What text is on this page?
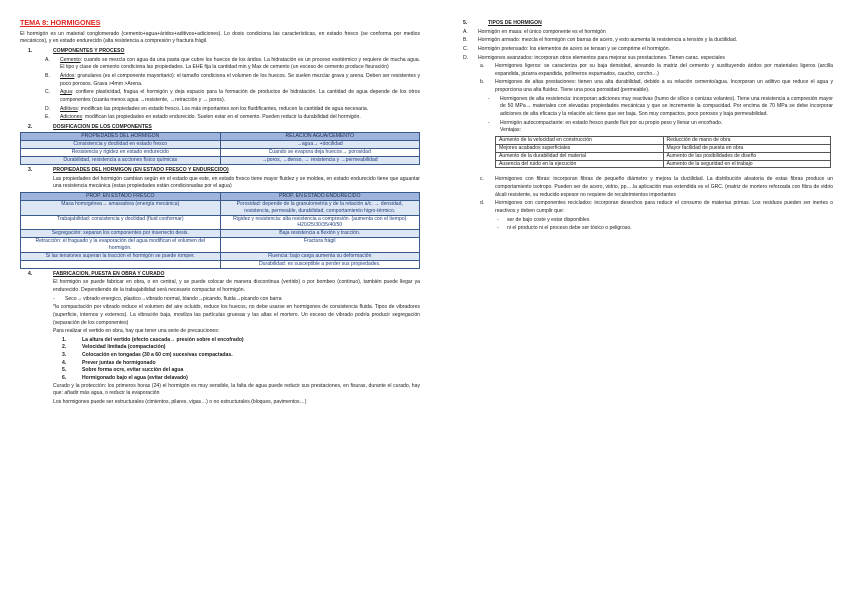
TEMA 8: HORMIGONES

El hormigón es un material conglomerado (cemento+agua+áridos+aditivos+adiciones). Lo dosis condiciona las características, en estado fresco (se conforma por medios mecánicos), y en estado endurecido (alta resistencia a compresión y fractura frágil.

1.	COMPONENTES Y PROCESO
A.	Cemento: cuando se mezcla con agua da una pasta que cubre los huecos de los áridos. La hidratación es un proceso exotérmico y requiere de mucha agua. El tipo y clase de cemento condiciona las propiedades. La EHE fija la cantidad min y Max de cemento (un exceso de cemento produce fisuración)
B.	Áridos: granulares (es el componente mayoritario): el tamaño condiciona el volumen de los huecos. Se suelen mezclar grava y arena. Deben ser resistentes y poco porosos. Grava >4mm >Arena.
C.	Agua: confiere plasticidad, fragua el hormigón y deja espacio para la formación de productos de hidratación. La cantidad de agua depende de los otros componentes (cuanta menos agua →resistente, →retracción y → poros).
D.	Aditivos: modifican las propiedades en estado fresco. Los más importantes son los fluidificantes, reducen la cantidad de agua necesaria.
E.	Adiciones: modifican las propiedades en estado endurecido. Suelen estar en el cemento. Pueden reducir la durabilidad del hormigón.
2.	DOSIFICACION DE LOS COMPONENTES
PROPIEDADES DEL HORMIGON	RELACION AGUA/CEMENTO
Consistencia y docilidad en estado fresco	→agua→ +docilidad
Resistencia y rigidez en estado endurecido	Cuando se evapora deja huecos→ porosidad
Durabilidad, resistencia a acciones físico químicas	→poros, →denso, → resistencia y →permeabilidad
3.	PROPIEDADES DEL HORMIGON (EN ESTADO FRESCO Y ENDURECIDO)

Las propiedades del hormigón cambian según en el estado que este, en estado fresco tiene mayor fluidez y se moldea, en estado endurecido tiene que aguantar una resistencia mecánica (estas propiedades están condicionadas por el agua)

PROP. EN ESTADO FRESCO	PROP. EN ESTADO ENDURECIDO
Masa homogénea→ amasadora (energía mecánica)	Porosidad: depende de la granulometría y de la relación a/c. → densidad, resistencia, permeable, durabilidad, comportamiento higro-térmico.
Trabajabilidad: consistencia y docilidad (fluid conformar)	Rigidez y resistencia: alta resistencia a compresión. (aumenta con el tiempo) H20/25/30/35/40/50
Segregación: separan los componentes por inserrecto desis.	Baja resistencia a flexión y tracción.
Retracción: el fraguado y la evaporación del agua modifican el volumen del hormigón.	Fractura frágil
Si las tensiones superan la tracción el hormigón se puede romper.	Fluencia: bajo carga aumenta su deformación
	Durabilidad: es susceptible a perder sus propiedades.
4.	FABRICACION, PUESTA EN OBRA Y CURADO

El hormigón se puede fabricar en obra, o en central, y se puede colocar de manera discontinua (vertido) o por bombeo (continuo), también puede llegar ya endurecido. Dependiendo de la trabajabilidad será necesario compactar el hormigón.

-	Seco→ vibrado energico, plastico→vibrado normal, blando→picando, fluida→picando con barra

*la compactación por vibrado reduce el volumen del aire ocluido, reduce los huecos, no debe usarse en hormigones de consistencia fluida. Tipos de vibradores (superficie, internos y externos). La vibración baja, moviliza las partículas gruesas y las altas el mortero. Un exceso de vibrado podría producir segregación (separación de los componentes)

Para realizar el vertido en obra, hay que tener una serie de precauciones:

1.	La altura del vertido (efecto cascada→ presión sobre el encofrado)
2.	Velocidad limitada (compactación)
3.	Colocación en tongadas (30 a 60 cm) sucesivas compactadas.
4.	Prever juntas de hormigonado
5.	Sobre forma ocre, evitar succión del agua
6.	Hormigonado bajo el agua (evitar delavado)

Curado y la protección: los primeros horas (24) el hormigón es muy sensible, la falta de agua puede reducir sus prestaciones, en fisuras, durante el curado, hay que: añadir más agua, o reducir la evaporación

Los hormigones puede ser estructurales (cimientos, pilares, vigas…) o no estructurales (bloques, pavimentos…)

5.	TIPOS DE HORMIGON
A.	Hormigón en masa: el único componente es el hormigón
B.	Hormigón armado: mezcla el hormigón con barras de acero, y esto aumenta la resistencia a tensión y la ductilidad.
C.	Hormigón pretensado: los elementos de acero se tensan y se comprime el hormigón.
D.	Hormigones avanzados: incorporan otros elementos para mejorar sus prestaciones. Tienen carac. especiales
a.	Hormigones ligeros: se caracteriza por su baja densidad, aireando la matriz del cemento y sustituyendo áridos por materiales ligeros (arcilla expandida, pizarra expandida, polímeros espumados, caucho, corcho…)
b.	Hormigones de altas prestaciones: tienen una alta durabilidad, debido a su relación cemento/agua. Incorporan un aditivo que reduce el agua y proporciona una alta fluidez. Tiene una poca porosidad (permeable).
-	Hormigones de alta resistencia: incorporan adiciones muy reactivas (humo de sílice o cenizas volantes). Tiene una resistencia a compresión mayor de 50 MPa→ materiales con elevadas propiedades mecánicas y que se incremente la compacidad. Por encima de 70 MPa se debe incorporar adiciones de alta eficacia y la relación a/c tiene que ser baja. Son muy compactos, poco porosos y baja permeabilidad.
-	Hormigón autocompactante: en estado fresco puede fluir por su propio peso y llenar un encofrado.
Ventajas:
Aumento de la velocidad en construcción	Reducción de mano de obra
Mejores acabados superficiales	Mayor facilidad de puesta en obra
Aumento de la durabilidad del material	Aumento de las posibilidades de diseño
Ausencia del ruido en la ejecución	Aumento de la seguridad en el trabajo
c.	Hormigones con fibras: incorporan fibras de pequeño diámetro y mejora la ductilidad. La distribución aleatoria de estas fibras produce un comportamiento isotropo. Pueden ser de acero, vidrio, pp….la aplicación mas extendida es el GRC. (matriz de mortero reforzada con fibra de vidrio álcali resistente, su reducido espesor no requiere de recubrimientos importantes
d.	Hormigones con componentes reciclados: incorporan desechos para reducir el consumo de materias primas. Los residuos pueden ser inertes o reactivos y deben cumplir que:
-	ser de bajo coste y estar disponibles
-	ni el producto ni el proceso debe ser tóxico o peligroso.
